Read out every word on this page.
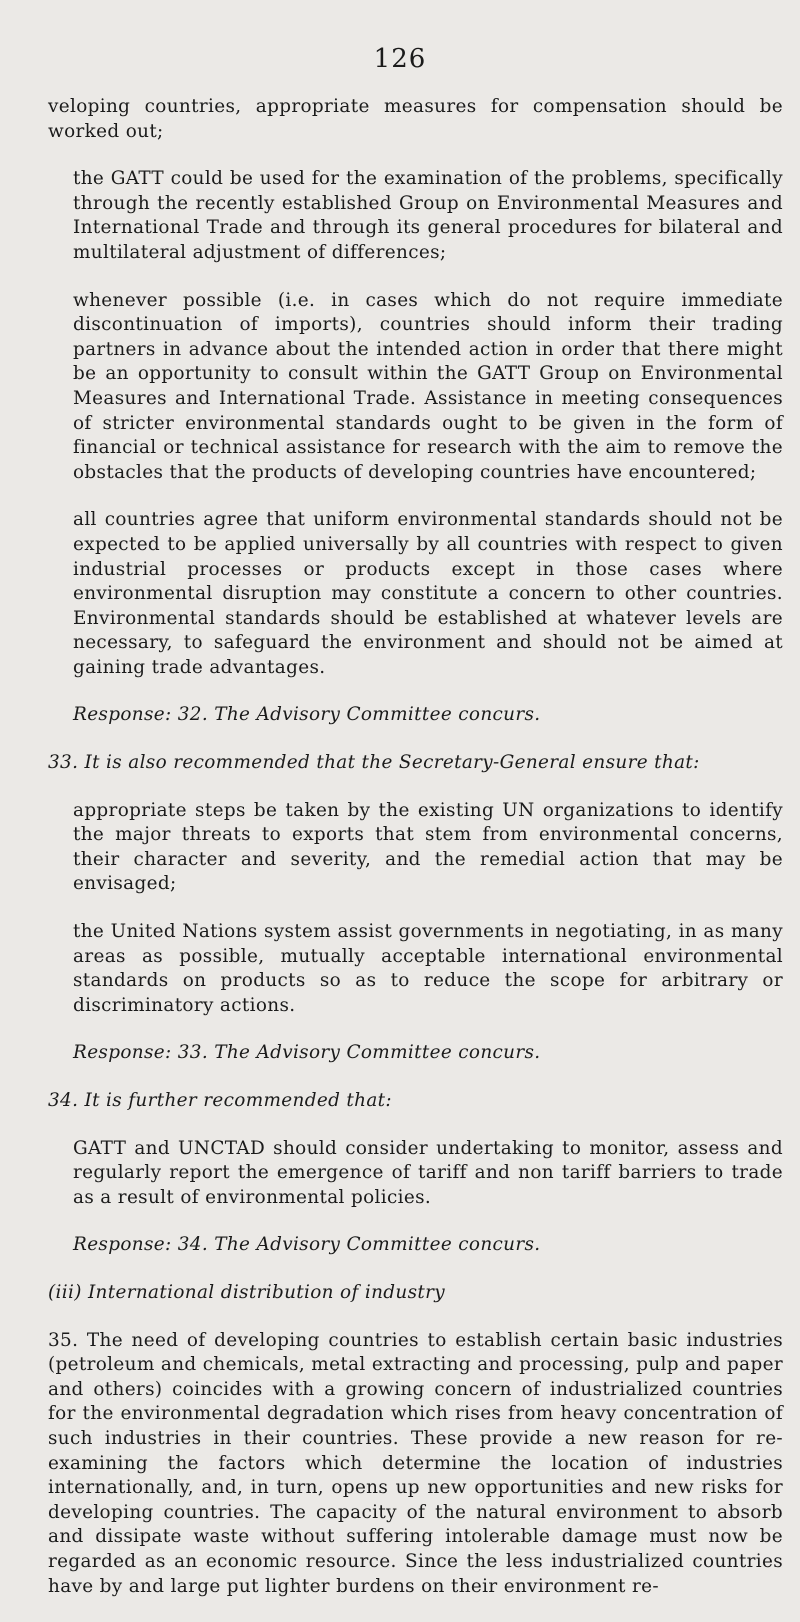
126

veloping countries, appropriate measures for compensation should be worked out;

the GATT could be used for the examination of the problems, specifically through the recently established Group on Environmental Measures and International Trade and through its general procedures for bilateral and multilateral adjustment of differences;

whenever possible (i.e. in cases which do not require immediate discontinuation of imports), countries should inform their trading partners in advance about the intended action in order that there might be an opportunity to consult within the GATT Group on Environmental Measures and International Trade. Assistance in meeting consequences of stricter environmental standards ought to be given in the form of financial or technical assistance for research with the aim to remove the obstacles that the products of developing countries have encountered;

all countries agree that uniform environmental standards should not be expected to be applied universally by all countries with respect to given industrial processes or products except in those cases where environmental disruption may constitute a concern to other countries. Environmental standards should be established at whatever levels are necessary, to safeguard the environment and should not be aimed at gaining trade advantages.

Response: 32. The Advisory Committee concurs.

33. It is also recommended that the Secretary-General ensure that:

appropriate steps be taken by the existing UN organizations to identify the major threats to exports that stem from environmental concerns, their character and severity, and the remedial action that may be envisaged;

the United Nations system assist governments in negotiating, in as many areas as possible, mutually acceptable international environmental standards on products so as to reduce the scope for arbitrary or discriminatory actions.

Response: 33. The Advisory Committee concurs.

34. It is further recommended that:

GATT and UNCTAD should consider undertaking to monitor, assess and regularly report the emergence of tariff and non tariff barriers to trade as a result of environmental policies.

Response: 34. The Advisory Committee concurs.

(iii) International distribution of industry

35. The need of developing countries to establish certain basic industries (petroleum and chemicals, metal extracting and processing, pulp and paper and others) coincides with a growing concern of industrialized countries for the environmental degradation which rises from heavy concentration of such industries in their countries. These provide a new reason for re-examining the factors which determine the location of industries internationally, and, in turn, opens up new opportunities and new risks for developing countries. The capacity of the natural environment to absorb and dissipate waste without suffering intolerable damage must now be regarded as an economic resource. Since the less industrialized countries have by and large put lighter burdens on their environment re-
